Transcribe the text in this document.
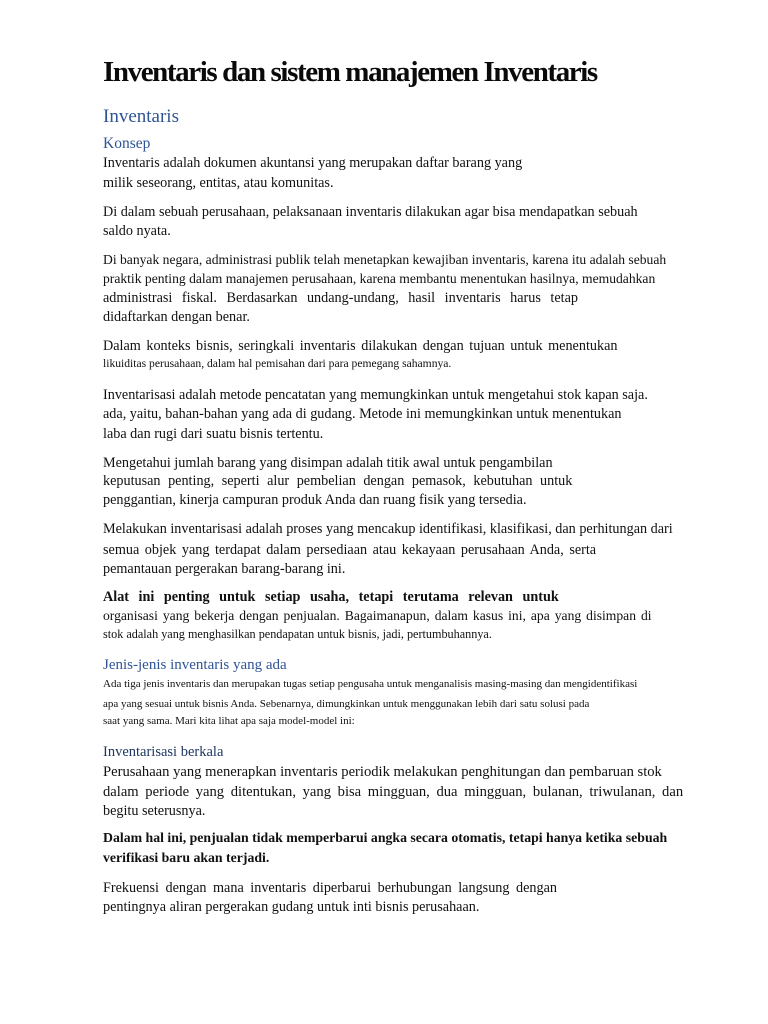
Inventaris dan sistem manajemen Inventaris
Inventaris
Konsep
Inventaris adalah dokumen akuntansi yang merupakan daftar barang yang
milik seseorang, entitas, atau komunitas.
Di dalam sebuah perusahaan, pelaksanaan inventaris dilakukan agar bisa mendapatkan sebuah
saldo nyata.
Di banyak negara, administrasi publik telah menetapkan kewajiban inventaris, karena itu adalah sebuah
praktik penting dalam manajemen perusahaan, karena membantu menentukan hasilnya, memudahkan
administrasi fiskal. Berdasarkan undang-undang, hasil inventaris harus tetap
didaftarkan dengan benar.
Dalam konteks bisnis, seringkali inventaris dilakukan dengan tujuan untuk menentukan
likuiditas perusahaan, dalam hal pemisahan dari para pemegang sahamnya.
Inventarisasi adalah metode pencatatan yang memungkinkan untuk mengetahui stok kapan saja.
ada, yaitu, bahan-bahan yang ada di gudang. Metode ini memungkinkan untuk menentukan
laba dan rugi dari suatu bisnis tertentu.
Mengetahui jumlah barang yang disimpan adalah titik awal untuk pengambilan
keputusan penting, seperti alur pembelian dengan pemasok, kebutuhan untuk
penggantian, kinerja campuran produk Anda dan ruang fisik yang tersedia.
Melakukan inventarisasi adalah proses yang mencakup identifikasi, klasifikasi, dan perhitungan dari
semua objek yang terdapat dalam persediaan atau kekayaan perusahaan Anda, serta
pemantauan pergerakan barang-barang ini.
Alat ini penting untuk setiap usaha, tetapi terutama relevan untuk
organisasi yang bekerja dengan penjualan. Bagaimanapun, dalam kasus ini, apa yang disimpan di
stok adalah yang menghasilkan pendapatan untuk bisnis, jadi, pertumbuhannya.
Jenis-jenis inventaris yang ada
Ada tiga jenis inventaris dan merupakan tugas setiap pengusaha untuk menganalisis masing-masing dan mengidentifikasi
apa yang sesuai untuk bisnis Anda. Sebenarnya, dimungkinkan untuk menggunakan lebih dari satu solusi pada
saat yang sama. Mari kita lihat apa saja model-model ini:
Inventarisasi berkala
Perusahaan yang menerapkan inventaris periodik melakukan penghitungan dan pembaruan stok
dalam periode yang ditentukan, yang bisa mingguan, dua mingguan, bulanan, triwulanan, dan
begitu seterusnya.
Dalam hal ini, penjualan tidak memperbarui angka secara otomatis, tetapi hanya ketika sebuah
verifikasi baru akan terjadi.
Frekuensi dengan mana inventaris diperbarui berhubungan langsung dengan
pentingnya aliran pergerakan gudang untuk inti bisnis perusahaan.
